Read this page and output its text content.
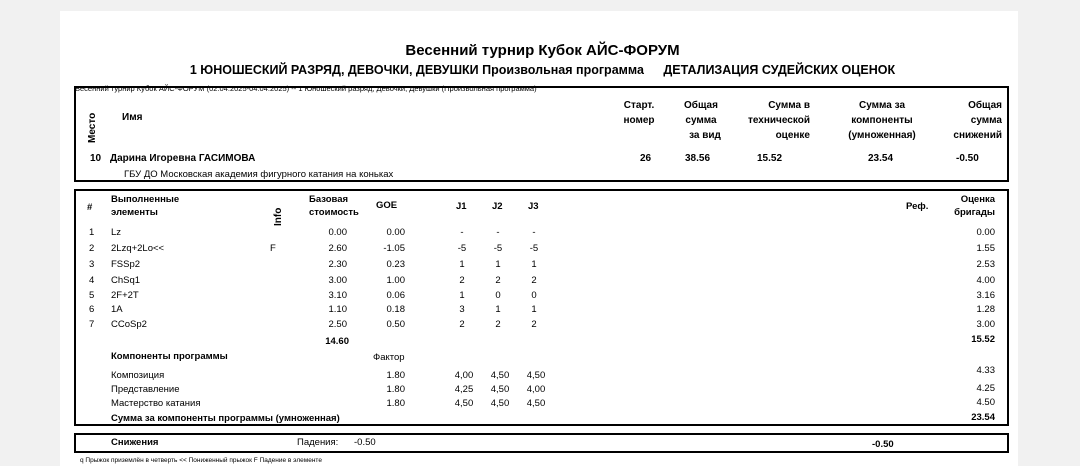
Весенний турнир Кубок АЙС-ФОРУМ
1 ЮНОШЕСКИЙ РАЗРЯД, ДЕВОЧКИ, ДЕВУШКИ Произвольная программа ДЕТАЛИЗАЦИЯ СУДЕЙСКИХ ОЦЕНОК
Весенний турнир Кубок АЙС-ФОРУМ (02.04.2025-04.04.2025) -- 1 Юношеский разряд, Девочки, Девушки (Произвольная программа)
Место Имя
Старт.
номер
Общая
сумма
за вид
Сумма в
технической
оценке
Сумма за
компоненты
(умноженная)
Общая
сумма
снижений
10 Дарина Игоревна ГАСИМОВА
ГБУ ДО Московская академия фигурного катания на коньках
26	38.56	15.52	23.54	-0.50
#
Выполненные
элементы	Info
Базовая
стоимость
GOE	J1	J2	J3	Реф.
Оценка
бригады
1 Lz	0.00	0.00	-	-	-	0.00
2 2Lzq+2Lo<<	F	2.60	-1.05	-5	-5	-5	1.55
3 FSSp2	2.30	0.23	1	1	1	2.53
4 ChSq1	3.00	1.00	2	2	2	4.00
5 2F+2T	3.10	0.06	1	0	0	3.16
6 1A	1.10	0.18	3	1	1	1.28
7 CCoSp2	2.50	0.50	2	2	2	3.00
14.60	15.52
Компоненты программы	Фактор
Композиция	1.80	4,00	4,50	4,50	4.33
Представление	1.80	4,25	4,50	4,00	4.25
Мастерство катания	1.80	4,50	4,50	4,50	4.50
Сумма за компоненты программы (умноженная)	23.54
Снижения	Падения: -0.50	-0.50
q Прыжок приземлён в четверть << Пониженный прыжок F Падение в элементе
